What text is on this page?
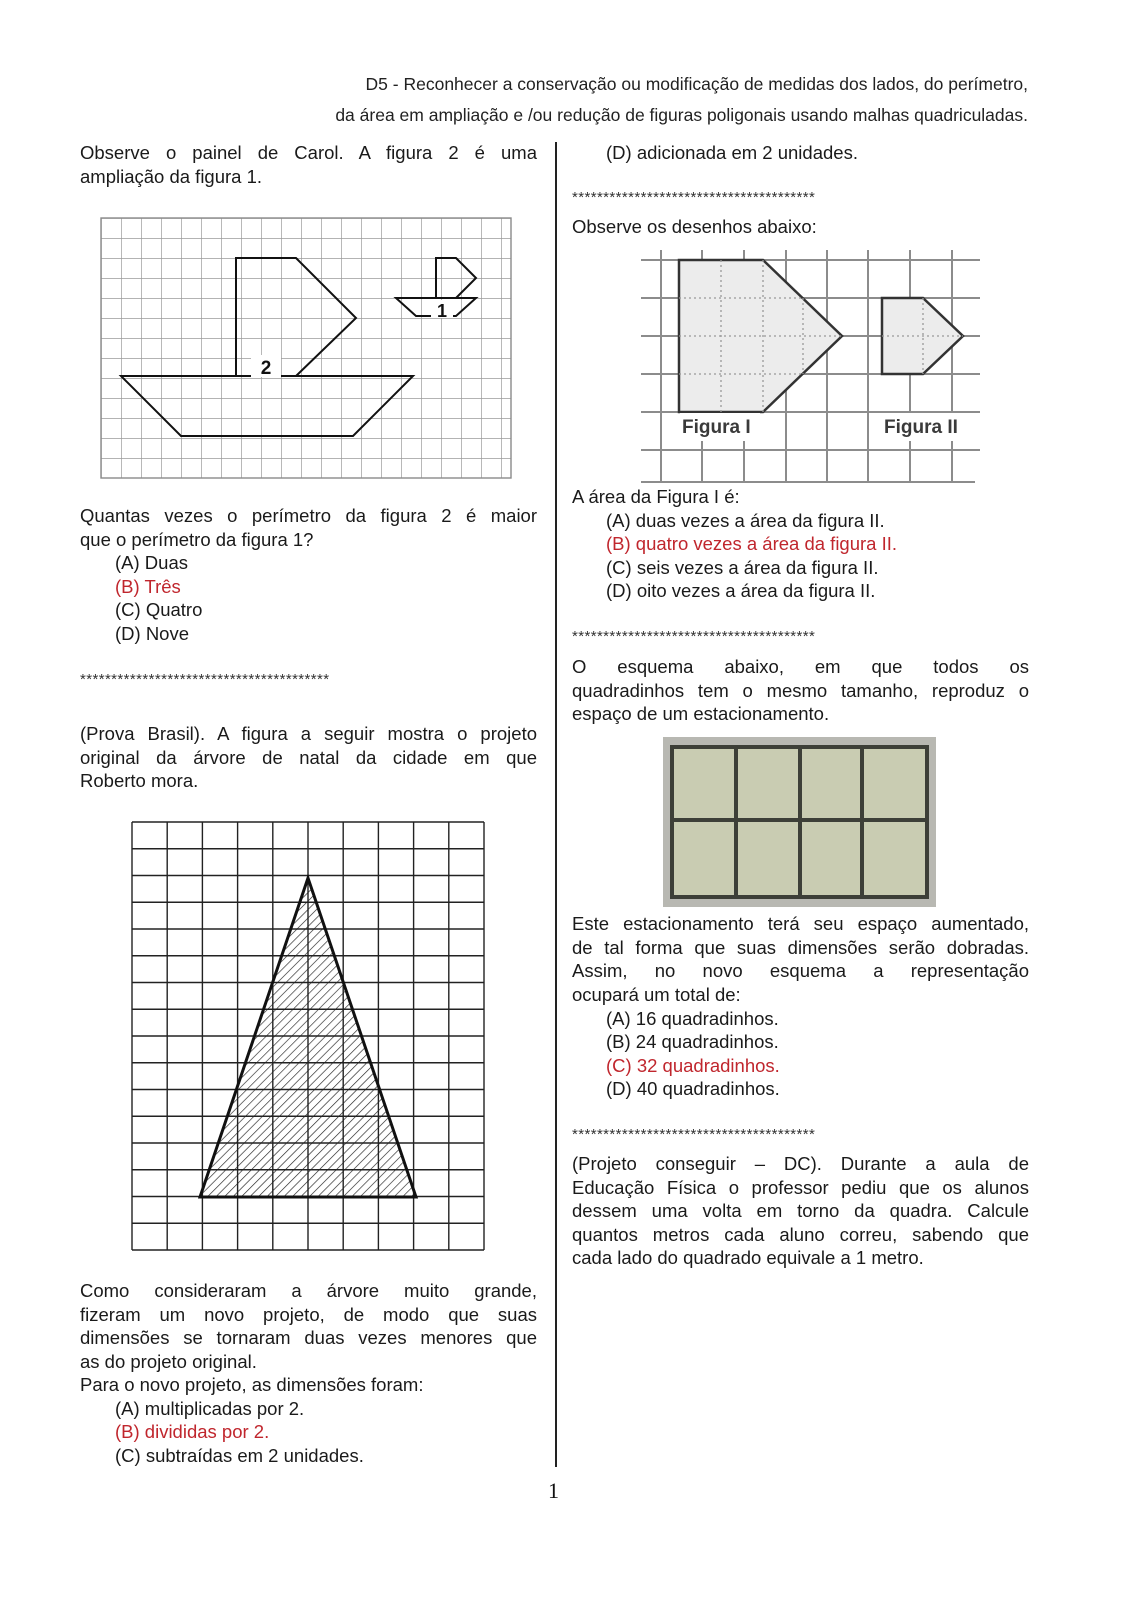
D5 - Reconhecer a conservação ou modificação de medidas dos lados, do perímetro,
da área em ampliação e /ou redução de figuras poligonais usando malhas quadriculadas.
Observe o painel de Carol. A figura 2 é uma
ampliação da figura 1.
2
1
Quantas vezes o perímetro da figura 2 é maior
que o perímetro da figura 1?
(A) Duas
(B) Três
(C) Quatro
(D) Nove
****************************************
(Prova Brasil). A figura a seguir mostra o projeto
original da árvore de natal da cidade em que
Roberto mora.
Como consideraram a árvore muito grande,
fizeram um novo projeto, de modo que suas
dimensões se tornaram duas vezes menores que
as do projeto original.
Para o novo projeto, as dimensões foram:
(A) multiplicadas por 2.
(B) divididas por 2.
(C) subtraídas em 2 unidades.
(D) adicionada em 2 unidades.
***************************************
Observe os desenhos abaixo:
Figura I	Figura II
A área da Figura I é:
(A) duas vezes a área da figura II.
(B) quatro vezes a área da figura II.
(C) seis vezes a área da figura II.
(D) oito vezes a área da figura II.
***************************************
O esquema abaixo, em que todos os
quadradinhos tem o mesmo tamanho, reproduz o
espaço de um estacionamento.
Este estacionamento terá seu espaço aumentado,
de tal forma que suas dimensões serão dobradas.
Assim, no novo esquema a representação
ocupará um total de:
(A) 16 quadradinhos.
(B) 24 quadradinhos.
(C) 32 quadradinhos.
(D) 40 quadradinhos.
***************************************
(Projeto conseguir – DC). Durante a aula de
Educação Física o professor pediu que os alunos
dessem uma volta em torno da quadra. Calcule
quantos metros cada aluno correu, sabendo que
cada lado do quadrado equivale a 1 metro.
1
